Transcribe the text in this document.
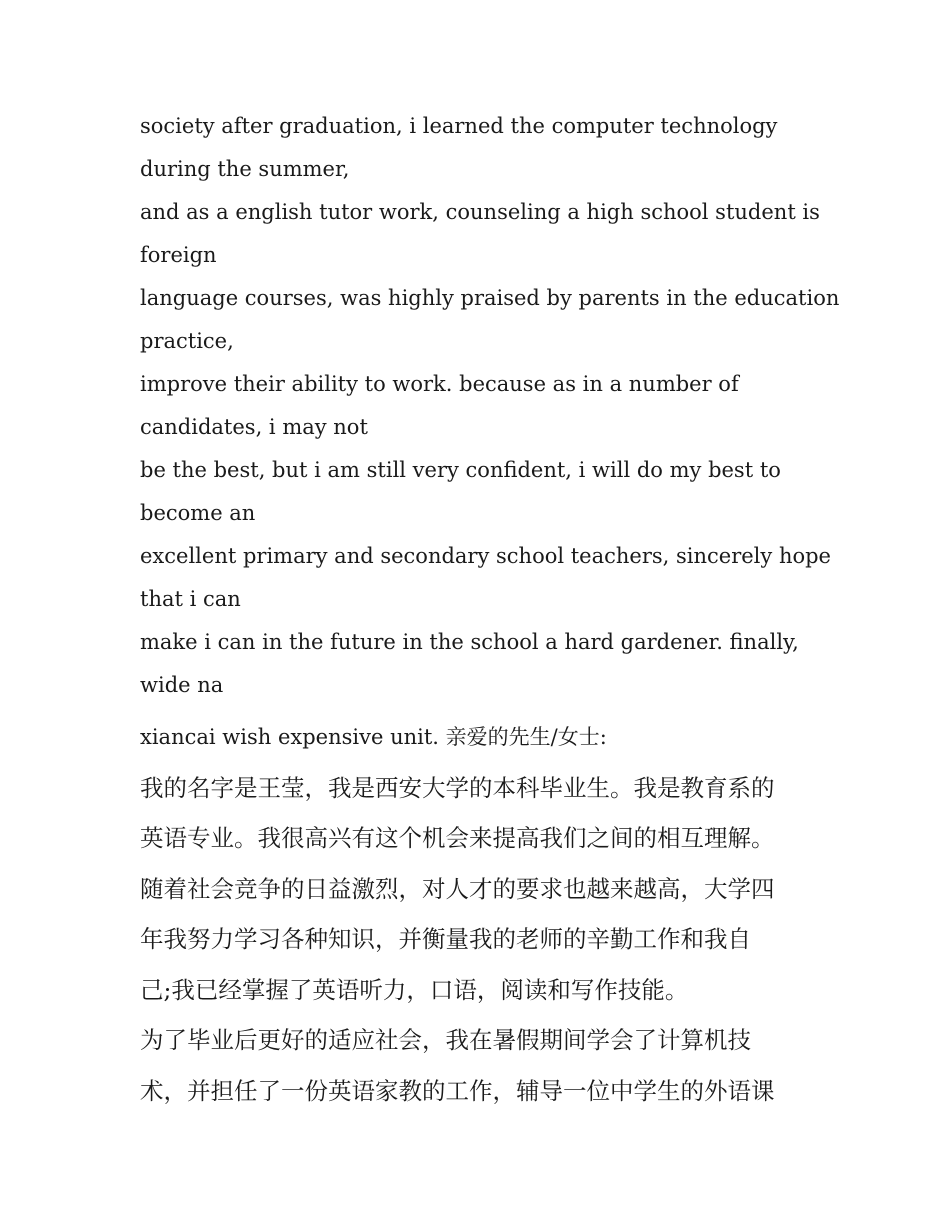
society after graduation, i learned the computer technology

during the summer,

and as a english tutor work, counseling a high school student is

foreign

language courses, was highly praised by parents in the education

practice,

improve their ability to work. because as in a number of

candidates, i may not

be the best, but i am still very confident, i will do my best to

become an

excellent primary and secondary school teachers, sincerely hope

that i can

make i can in the future in the school a hard gardener. finally,

wide na

xiancai wish expensive unit. 亲爱的先生/女士:

我的名字是王莹，我是西安大学的本科毕业生。我是教育系的

英语专业。我很高兴有这个机会来提高我们之间的相互理解。

随着社会竞争的日益激烈，对人才的要求也越来越高，大学四

年我努力学习各种知识，并衡量我的老师的辛勤工作和我自

己;我已经掌握了英语听力，口语，阅读和写作技能。

为了毕业后更好的适应社会，我在暑假期间学会了计算机技

术，并担任了一份英语家教的工作，辅导一位中学生的外语课
